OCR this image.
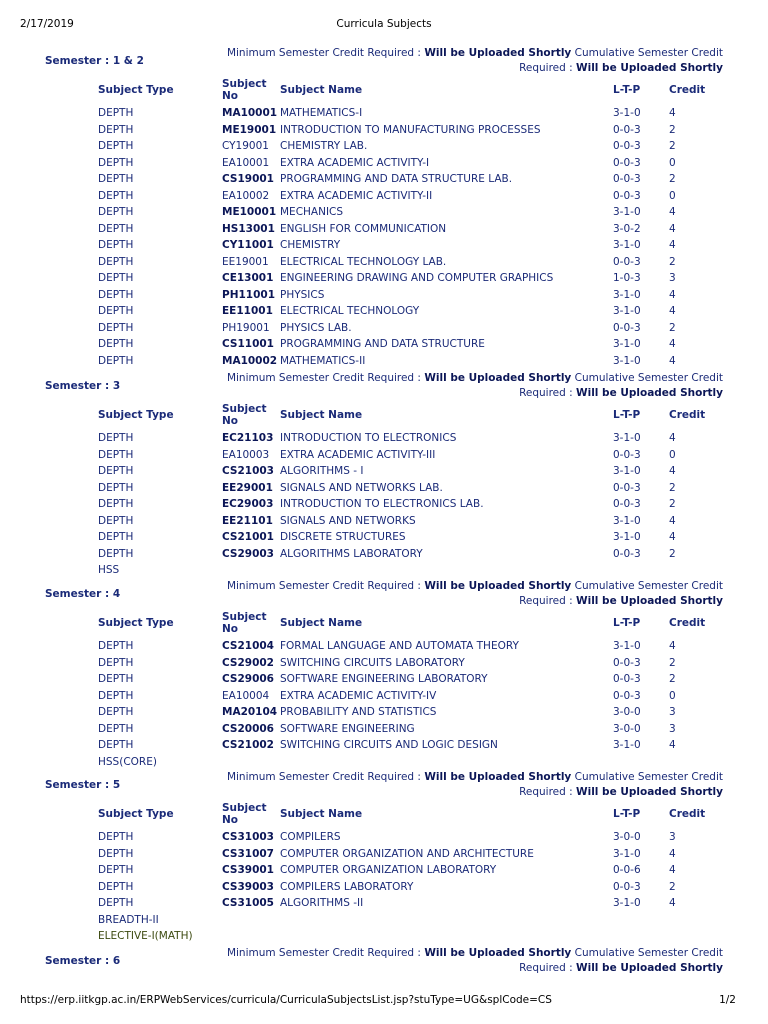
2/17/2019	Curricula Subjects
Semester : 1 & 2
Minimum Semester Credit Required : Will be Uploaded Shortly Cumulative Semester Credit Required : Will be Uploaded Shortly
Subject Type	Subject No	Subject Name	L-T-P	Credit
DEPTH	MA10001 MATHEMATICS-I	3-1-0	4
DEPTH	ME19001 INTRODUCTION TO MANUFACTURING PROCESSES	0-0-3	2
DEPTH	CY19001 CHEMISTRY LAB.	0-0-3	2
DEPTH	EA10001 EXTRA ACADEMIC ACTIVITY-I	0-0-3	0
DEPTH	CS19001 PROGRAMMING AND DATA STRUCTURE LAB.	0-0-3	2
DEPTH	EA10002 EXTRA ACADEMIC ACTIVITY-II	0-0-3	0
DEPTH	ME10001 MECHANICS	3-1-0	4
DEPTH	HS13001 ENGLISH FOR COMMUNICATION	3-0-2	4
DEPTH	CY11001 CHEMISTRY	3-1-0	4
DEPTH	EE19001 ELECTRICAL TECHNOLOGY LAB.	0-0-3	2
DEPTH	CE13001 ENGINEERING DRAWING AND COMPUTER GRAPHICS	1-0-3	3
DEPTH	PH11001 PHYSICS	3-1-0	4
DEPTH	EE11001 ELECTRICAL TECHNOLOGY	3-1-0	4
DEPTH	PH19001 PHYSICS LAB.	0-0-3	2
DEPTH	CS11001 PROGRAMMING AND DATA STRUCTURE	3-1-0	4
DEPTH	MA10002 MATHEMATICS-II	3-1-0	4
Semester : 3
Minimum Semester Credit Required : Will be Uploaded Shortly Cumulative Semester Credit Required : Will be Uploaded Shortly
Subject Type	Subject No	Subject Name	L-T-P	Credit
DEPTH	EC21103 INTRODUCTION TO ELECTRONICS	3-1-0	4
DEPTH	EA10003 EXTRA ACADEMIC ACTIVITY-III	0-0-3	0
DEPTH	CS21003 ALGORITHMS - I	3-1-0	4
DEPTH	EE29001 SIGNALS AND NETWORKS LAB.	0-0-3	2
DEPTH	EC29003 INTRODUCTION TO ELECTRONICS LAB.	0-0-3	2
DEPTH	EE21101 SIGNALS AND NETWORKS	3-1-0	4
DEPTH	CS21001 DISCRETE STRUCTURES	3-1-0	4
DEPTH	CS29003 ALGORITHMS LABORATORY	0-0-3	2
HSS
Semester : 4
Minimum Semester Credit Required : Will be Uploaded Shortly Cumulative Semester Credit Required : Will be Uploaded Shortly
Subject Type	Subject No	Subject Name	L-T-P	Credit
DEPTH	CS21004 FORMAL LANGUAGE AND AUTOMATA THEORY	3-1-0	4
DEPTH	CS29002 SWITCHING CIRCUITS LABORATORY	0-0-3	2
DEPTH	CS29006 SOFTWARE ENGINEERING LABORATORY	0-0-3	2
DEPTH	EA10004 EXTRA ACADEMIC ACTIVITY-IV	0-0-3	0
DEPTH	MA20104 PROBABILITY AND STATISTICS	3-0-0	3
DEPTH	CS20006 SOFTWARE ENGINEERING	3-0-0	3
DEPTH	CS21002 SWITCHING CIRCUITS AND LOGIC DESIGN	3-1-0	4
HSS(CORE)
Semester : 5
Minimum Semester Credit Required : Will be Uploaded Shortly Cumulative Semester Credit Required : Will be Uploaded Shortly
Subject Type	Subject No	Subject Name	L-T-P	Credit
DEPTH	CS31003 COMPILERS	3-0-0	3
DEPTH	CS31007 COMPUTER ORGANIZATION AND ARCHITECTURE	3-1-0	4
DEPTH	CS39001 COMPUTER ORGANIZATION LABORATORY	0-0-6	4
DEPTH	CS39003 COMPILERS LABORATORY	0-0-3	2
DEPTH	CS31005 ALGORITHMS -II	3-1-0	4
BREADTH-II
ELECTIVE-I(MATH)
Semester : 6
Minimum Semester Credit Required : Will be Uploaded Shortly Cumulative Semester Credit Required : Will be Uploaded Shortly
https://erp.iitkgp.ac.in/ERPWebServices/curricula/CurriculaSubjectsList.jsp?stuType=UG&splCode=CS	1/2
